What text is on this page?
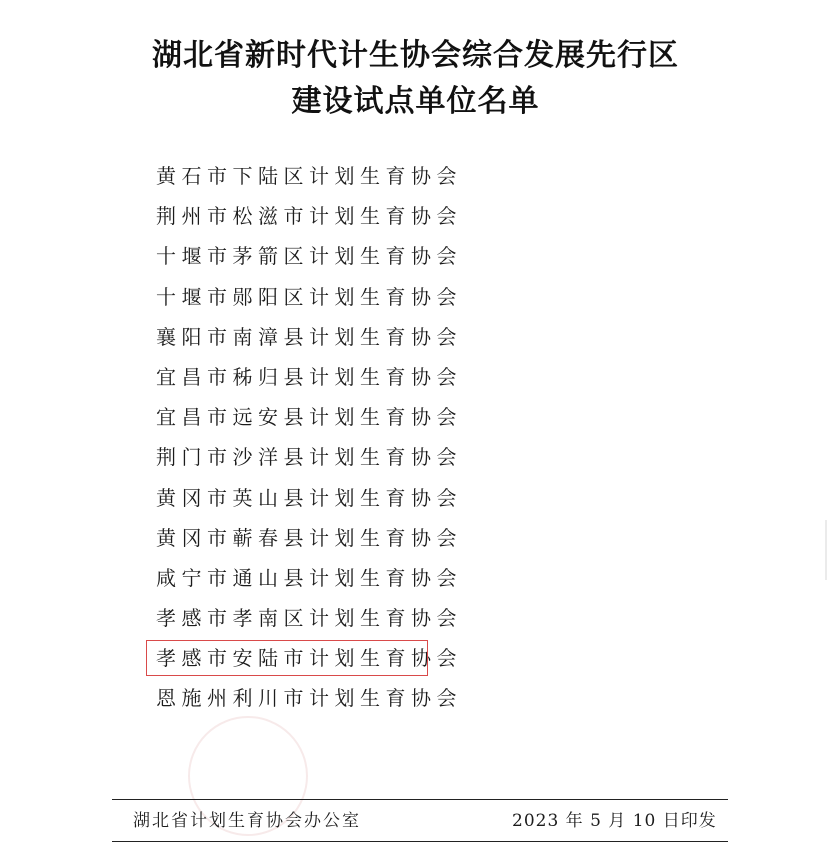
湖北省新时代计生协会综合发展先行区
建设试点单位名单
黄石市下陆区计划生育协会
荆州市松滋市计划生育协会
十堰市茅箭区计划生育协会
十堰市郧阳区计划生育协会
襄阳市南漳县计划生育协会
宜昌市秭归县计划生育协会
宜昌市远安县计划生育协会
荆门市沙洋县计划生育协会
黄冈市英山县计划生育协会
黄冈市蕲春县计划生育协会
咸宁市通山县计划生育协会
孝感市孝南区计划生育协会
孝感市安陆市计划生育协会
恩施州利川市计划生育协会
湖北省计划生育协会办公室	2023 年 5 月 10 日印发
